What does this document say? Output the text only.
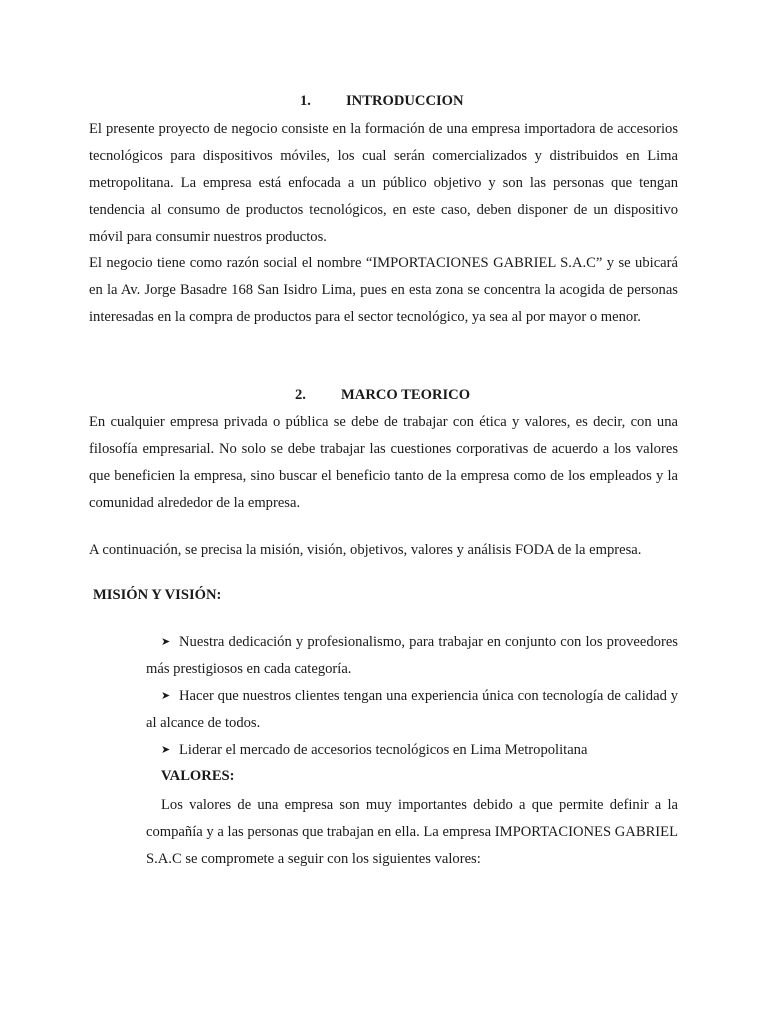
1. INTRODUCCION

El presente proyecto de negocio consiste en la formación de una empresa importadora de accesorios tecnológicos para dispositivos móviles, los cual serán comercializados y distribuidos en Lima metropolitana. La empresa está enfocada a un público objetivo y son las personas que tengan tendencia al consumo de productos tecnológicos, en este caso, deben disponer de un dispositivo móvil para consumir nuestros productos.

El negocio tiene como razón social el nombre “IMPORTACIONES GABRIEL S.A.C” y se ubicará en la Av. Jorge Basadre 168 San Isidro Lima, pues en esta zona se concentra la acogida de personas interesadas en la compra de productos para el sector tecnológico, ya sea al por mayor o menor.

2. MARCO TEORICO

En cualquier empresa privada o pública se debe de trabajar con ética y valores, es decir, con una filosofía empresarial. No solo se debe trabajar las cuestiones corporativas de acuerdo a los valores que beneficien la empresa, sino buscar el beneficio tanto de la empresa como de los empleados y la comunidad alrededor de la empresa.

A continuación, se precisa la misión, visión, objetivos, valores y análisis FODA de la empresa.

MISIÓN Y VISIÓN:

➤ Nuestra dedicación y profesionalismo, para trabajar en conjunto con los proveedores más prestigiosos en cada categoría.

➤ Hacer que nuestros clientes tengan una experiencia única con tecnología de calidad y al alcance de todos.

➤ Liderar el mercado de accesorios tecnológicos en Lima Metropolitana

VALORES:

Los valores de una empresa son muy importantes debido a que permite definir a la compañía y a las personas que trabajan en ella. La empresa IMPORTACIONES GABRIEL S.A.C se compromete a seguir con los siguientes valores:
